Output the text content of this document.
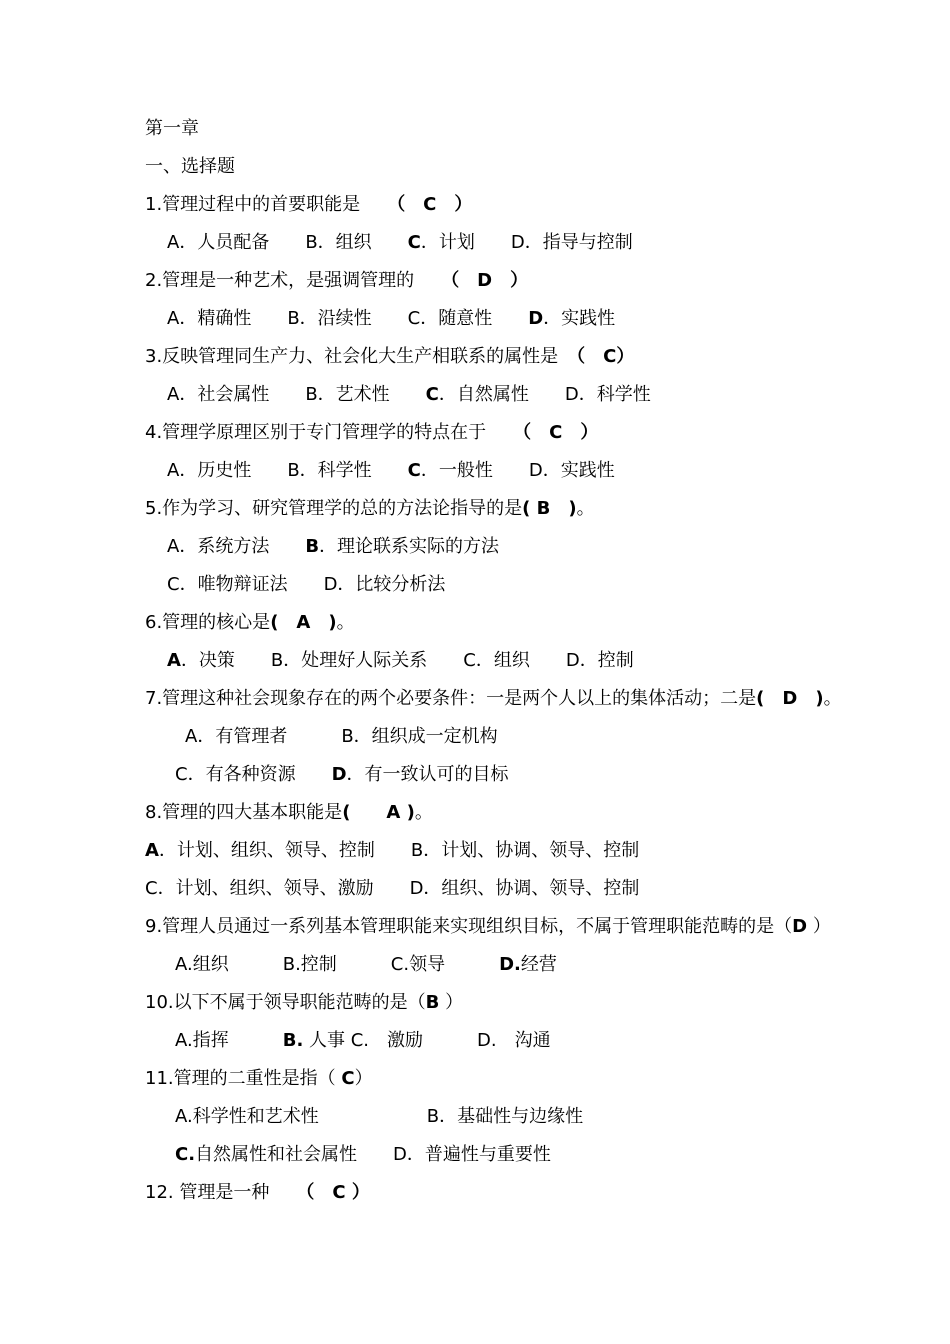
第一章
一、选择题
1.管理过程中的首要职能是　　（　C　）
A．人员配备　　B．组织　　C．计划　　D．指导与控制
2.管理是一种艺术，是强调管理的　　（　D　）
A．精确性　　B．沿续性　　C．随意性　　D．实践性
3.反映管理同生产力、社会化大生产相联系的属性是　（　C）
A．社会属性　　B．艺术性　　C．自然属性　　D．科学性
4.管理学原理区别于专门管理学的特点在于　　（　C　）
A．历史性　　B．科学性　　C．一般性　　D．实践性
5.作为学习、研究管理学的总的方法论指导的是( B　)。
A．系统方法　　B．理论联系实际的方法
C．唯物辩证法　　D．比较分析法
6.管理的核心是(　A　)。
A．决策　　B．处理好人际关系　　C．组织　　D．控制
7.管理这种社会现象存在的两个必要条件：一是两个人以上的集体活动；二是(　D　)。
A．有管理者　　　B．组织成一定机构
C．有各种资源　　D．有一致认可的目标
8.管理的四大基本职能是(　　A )。
A．计划、组织、领导、控制　　B．计划、协调、领导、控制
C．计划、组织、领导、激励　　D．组织、协调、领导、控制
9.管理人员通过一系列基本管理职能来实现组织目标，不属于管理职能范畴的是（D ）
A.组织　　　B.控制　　　C.领导　　　D.经营
10.以下不属于领导职能范畴的是（B ）
A.指挥　　　B. 人事 C.　激励　　　D.　沟通
11.管理的二重性是指（ C）
A.科学性和艺术性　　　　　　B．基础性与边缘性
C.自然属性和社会属性　　D．普遍性与重要性
12. 管理是一种　　（　C ）
